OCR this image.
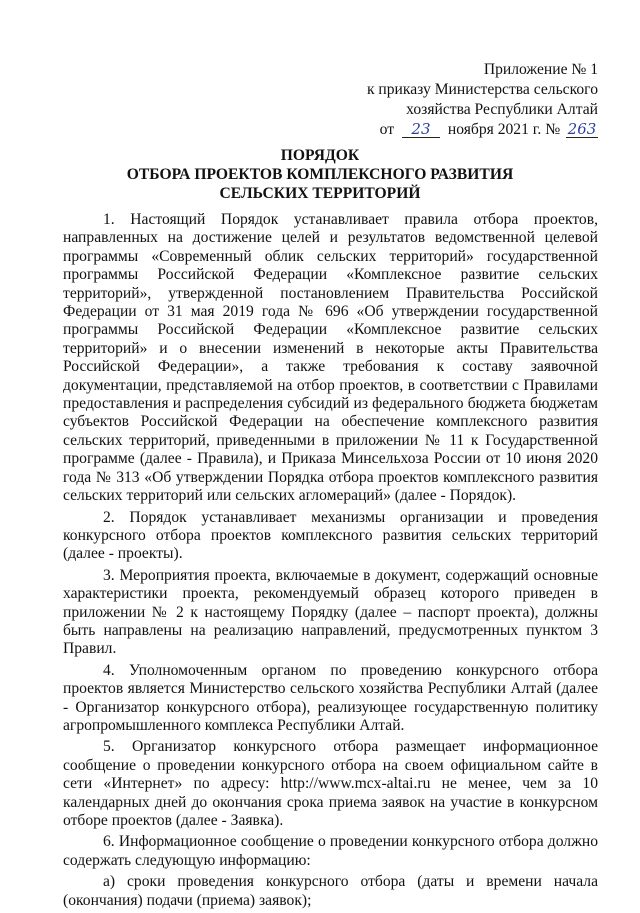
Приложение № 1
к приказу Министерства сельского
хозяйства Республики Алтай
от 23 ноября 2021 г. № 263
ПОРЯДОК
ОТБОРА ПРОЕКТОВ КОМПЛЕКСНОГО РАЗВИТИЯ
СЕЛЬСКИХ ТЕРРИТОРИЙ

1. Настоящий Порядок устанавливает правила отбора проектов, направленных на достижение целей и результатов ведомственной целевой программы «Современный облик сельских территорий» государственной программы Российской Федерации «Комплексное развитие сельских территорий», утвержденной постановлением Правительства Российской Федерации от 31 мая 2019 года № 696 «Об утверждении государственной программы Российской Федерации «Комплексное развитие сельских территорий» и о внесении изменений в некоторые акты Правительства Российской Федерации», а также требования к составу заявочной документации, представляемой на отбор проектов, в соответствии с Правилами предоставления и распределения субсидий из федерального бюджета бюджетам субъектов Российской Федерации на обеспечение комплексного развития сельских территорий, приведенными в приложении № 11 к Государственной программе (далее - Правила), и Приказа Минсельхоза России от 10 июня 2020 года № 313 «Об утверждении Порядка отбора проектов комплексного развития сельских территорий или сельских агломераций» (далее - Порядок).

2. Порядок устанавливает механизмы организации и проведения конкурсного отбора проектов комплексного развития сельских территорий (далее - проекты).

3. Мероприятия проекта, включаемые в документ, содержащий основные характеристики проекта, рекомендуемый образец которого приведен в приложении № 2 к настоящему Порядку (далее – паспорт проекта), должны быть направлены на реализацию направлений, предусмотренных пунктом 3 Правил.

4. Уполномоченным органом по проведению конкурсного отбора проектов является Министерство сельского хозяйства Республики Алтай (далее - Организатор конкурсного отбора), реализующее государственную политику агропромышленного комплекса Республики Алтай.

5. Организатор конкурсного отбора размещает информационное сообщение о проведении конкурсного отбора на своем официальном сайте в сети «Интернет» по адресу: http://www.mcx-altai.ru не менее, чем за 10 календарных дней до окончания срока приема заявок на участие в конкурсном отборе проектов (далее - Заявка).

6. Информационное сообщение о проведении конкурсного отбора должно содержать следующую информацию:

а) сроки проведения конкурсного отбора (даты и времени начала (окончания) подачи (приема) заявок);
